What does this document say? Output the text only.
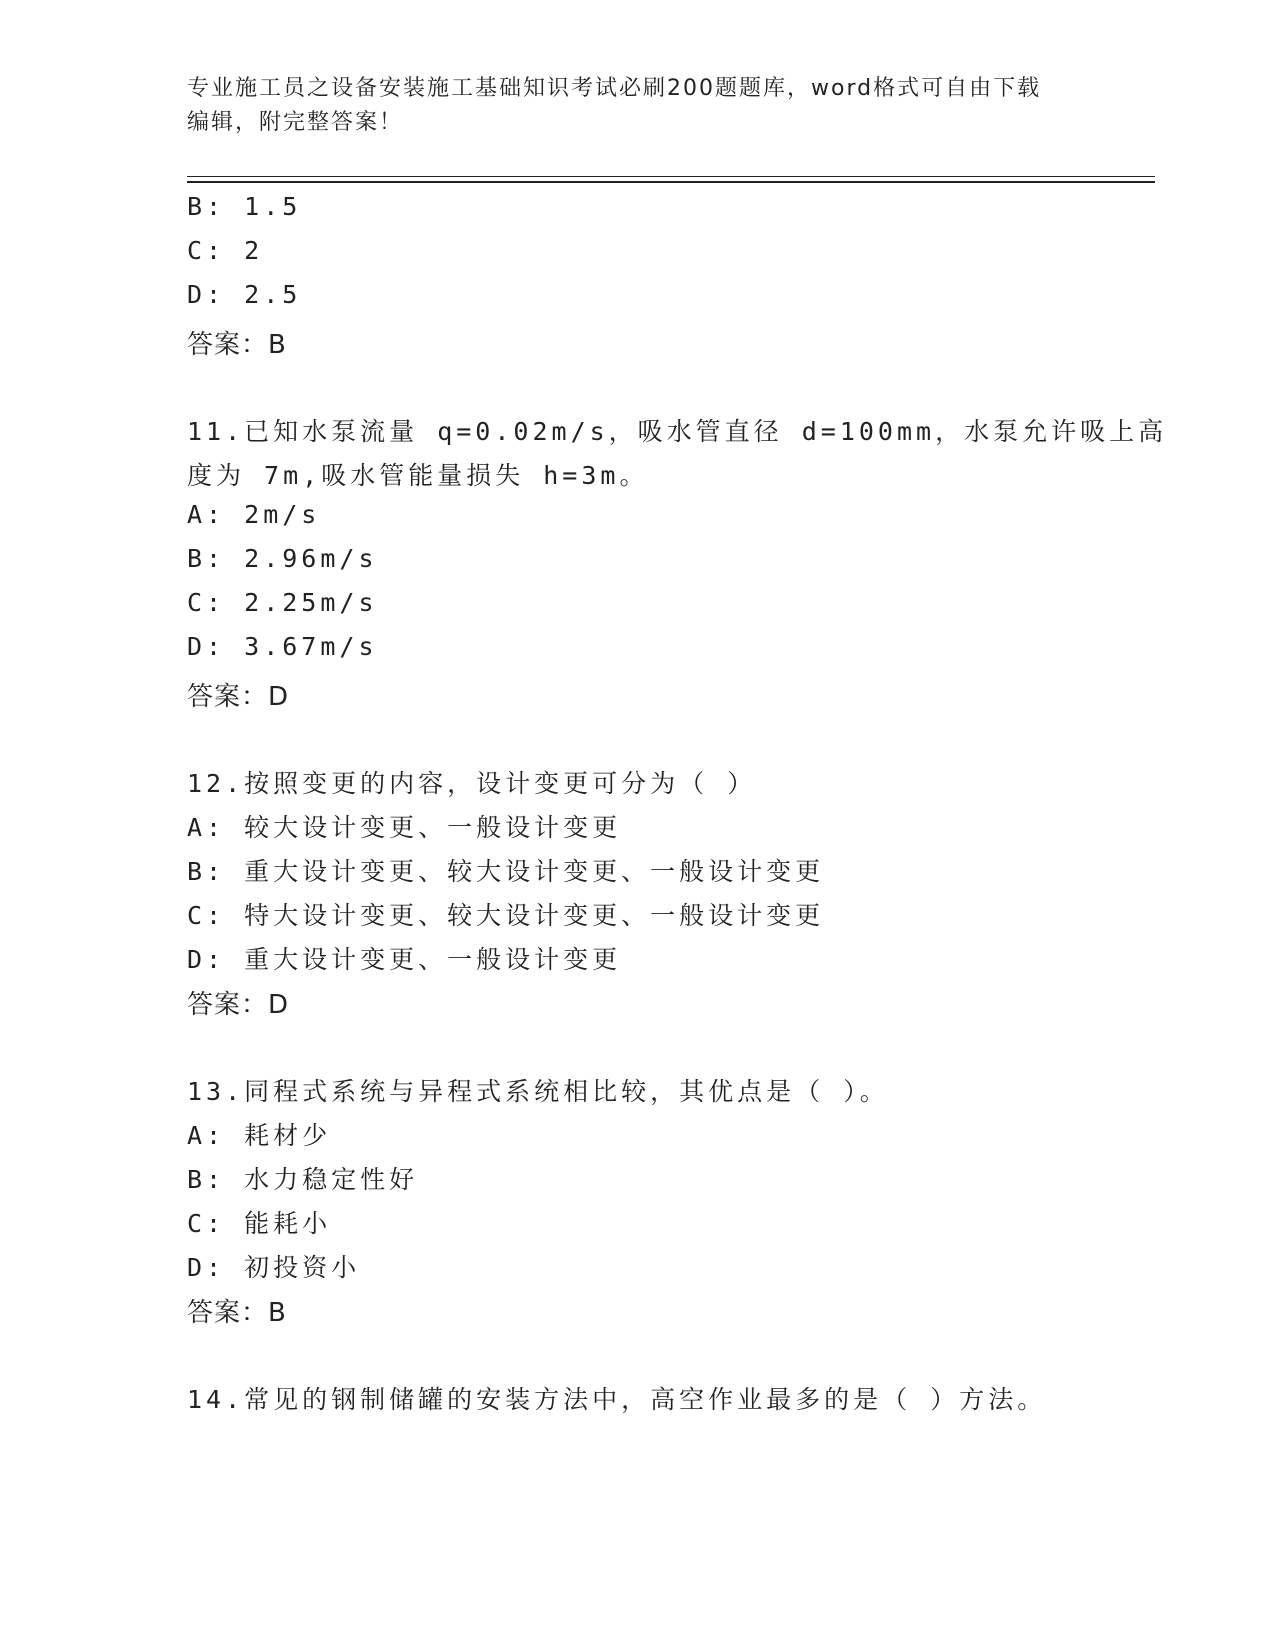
专业施工员之设备安装施工基础知识考试必刷200题题库，word格式可自由下载
编辑，附完整答案！
B: 1.5
C: 2
D: 2.5
答案：B
11.已知水泵流量 q=0.02m/s，吸水管直径 d=100mm，水泵允许吸上高
度为 7m,吸水管能量损失 h=3m。
A: 2m/s
B: 2.96m/s
C: 2.25m/s
D: 3.67m/s
答案：D
12.按照变更的内容，设计变更可分为（ ）
A: 较大设计变更、一般设计变更
B: 重大设计变更、较大设计变更、一般设计变更
C: 特大设计变更、较大设计变更、一般设计变更
D: 重大设计变更、一般设计变更
答案：D
13.同程式系统与异程式系统相比较，其优点是（ ）。
A: 耗材少
B: 水力稳定性好
C: 能耗小
D: 初投资小
答案：B
14.常见的钢制储罐的安装方法中，高空作业最多的是（ ）方法。
